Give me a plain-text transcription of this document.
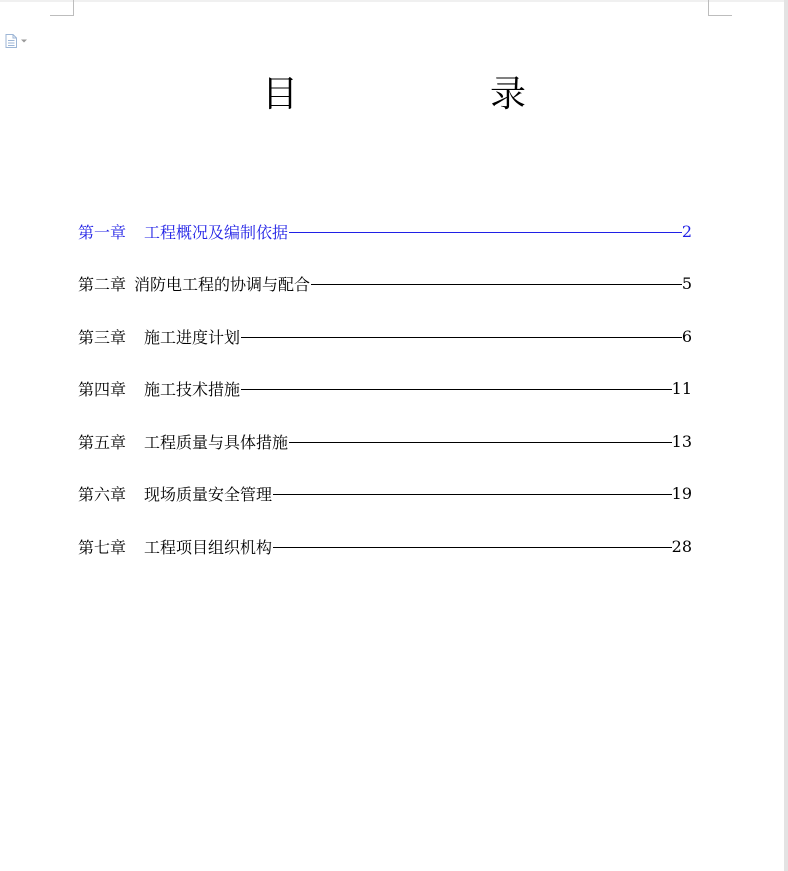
目　录
第一章 工程概况及编制依据	2
第二章 消防电工程的协调与配合	5
第三章 施工进度计划	6
第四章 施工技术措施	11
第五章 工程质量与具体措施	13
第六章 现场质量安全管理	19
第七章 工程项目组织机构	28
